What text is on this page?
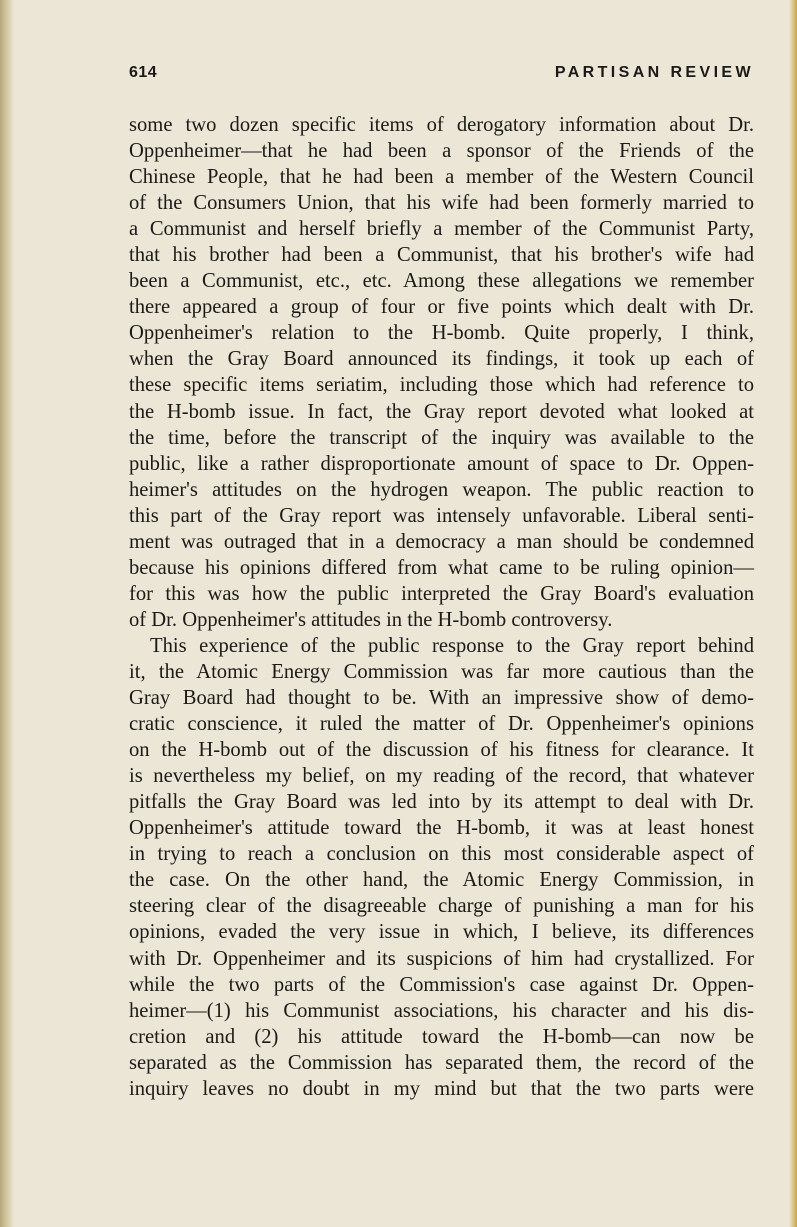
614	PARTISAN REVIEW
some two dozen specific items of derogatory information about Dr.
Oppenheimer—that he had been a sponsor of the Friends of the
Chinese People, that he had been a member of the Western Council
of the Consumers Union, that his wife had been formerly married to
a Communist and herself briefly a member of the Communist Party,
that his brother had been a Communist, that his brother's wife had
been a Communist, etc., etc. Among these allegations we remember
there appeared a group of four or five points which dealt with Dr.
Oppenheimer's relation to the H-bomb. Quite properly, I think,
when the Gray Board announced its findings, it took up each of
these specific items seriatim, including those which had reference to
the H-bomb issue. In fact, the Gray report devoted what looked at
the time, before the transcript of the inquiry was available to the
public, like a rather disproportionate amount of space to Dr. Oppen-
heimer's attitudes on the hydrogen weapon. The public reaction to
this part of the Gray report was intensely unfavorable. Liberal senti-
ment was outraged that in a democracy a man should be condemned
because his opinions differed from what came to be ruling opinion—
for this was how the public interpreted the Gray Board's evaluation
of Dr. Oppenheimer's attitudes in the H-bomb controversy.
This experience of the public response to the Gray report behind
it, the Atomic Energy Commission was far more cautious than the
Gray Board had thought to be. With an impressive show of demo-
cratic conscience, it ruled the matter of Dr. Oppenheimer's opinions
on the H-bomb out of the discussion of his fitness for clearance. It
is nevertheless my belief, on my reading of the record, that whatever
pitfalls the Gray Board was led into by its attempt to deal with Dr.
Oppenheimer's attitude toward the H-bomb, it was at least honest
in trying to reach a conclusion on this most considerable aspect of
the case. On the other hand, the Atomic Energy Commission, in
steering clear of the disagreeable charge of punishing a man for his
opinions, evaded the very issue in which, I believe, its differences
with Dr. Oppenheimer and its suspicions of him had crystallized. For
while the two parts of the Commission's case against Dr. Oppen-
heimer—(1) his Communist associations, his character and his dis-
cretion and (2) his attitude toward the H-bomb—can now be
separated as the Commission has separated them, the record of the
inquiry leaves no doubt in my mind but that the two parts were
